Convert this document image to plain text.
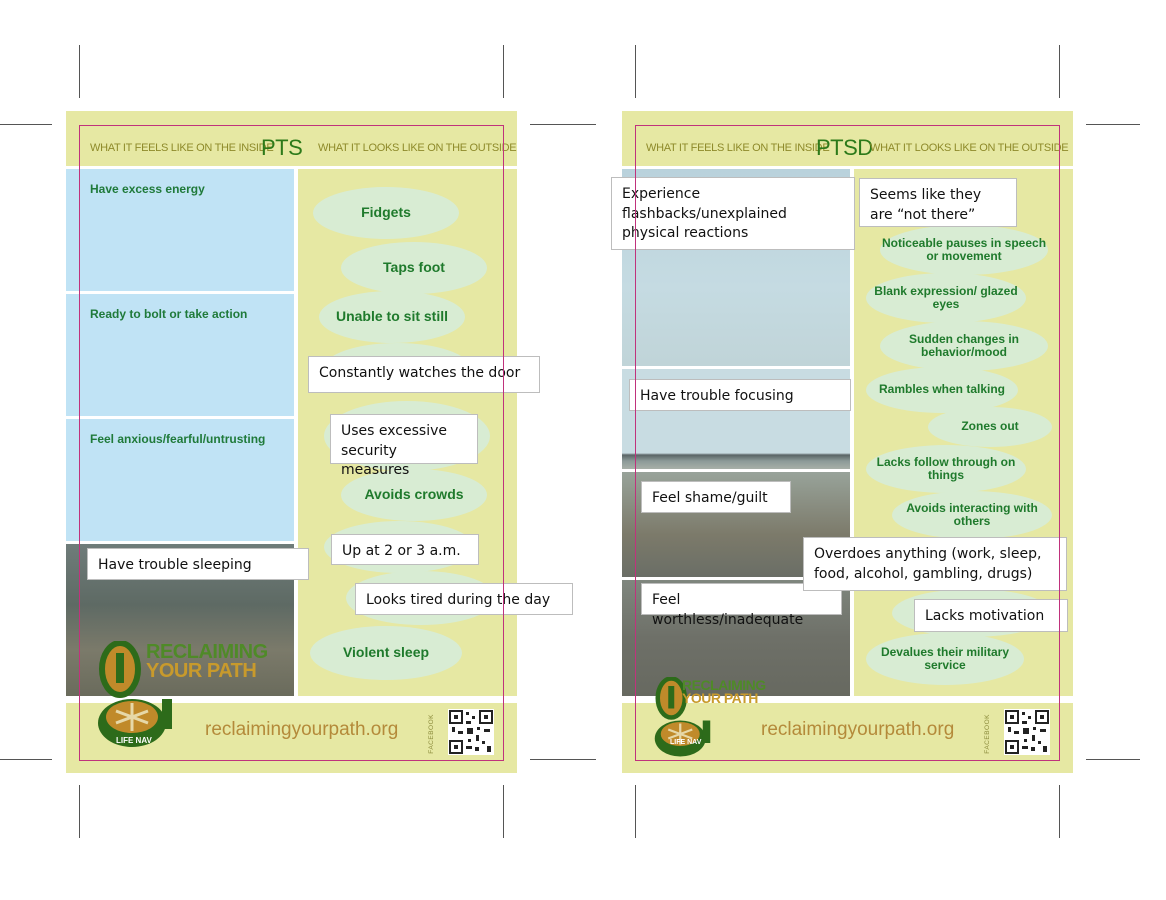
WHAT IT FEELS LIKE ON THE INSIDE
PTS WHAT IT LOOKS LIKE ON THE OUTSIDE
Have excess energy
Ready to bolt or take action
Feel anxious/fearful/untrusting
Fidgets
Taps foot
Unable to sit still
Avoids crowds
Violent sleep
reclaimingyourpath.org	FACEBOOK
RECLAIMING
YOUR PATH
LIFE NAV
Have trouble sleeping
Constantly watches the door
Uses excessive security measures
Up at 2 or 3 a.m.
Looks tired during the day
WHAT IT FEELS LIKE ON THE INSIDE
PTSD
WHAT IT LOOKS LIKE ON THE OUTSIDE
Noticeable pauses in speech or movement
Blank expression/ glazed eyes
Sudden changes in behavior/mood
Rambles when talking
Zones out
Lacks follow through on things
Avoids interacting with others
Devalues their military service
reclaimingyourpath.org	FACEBOOK
RECLAIMING
YOUR PATH
LIFE NAV
Experience flashbacks/unexplained physical reactions
Have trouble focusing
Feel shame/guilt
Feel worthless/inadequate
Seems like they are “not there”
Overdoes anything (work, sleep, food, alcohol, gambling, drugs)
Lacks motivation
